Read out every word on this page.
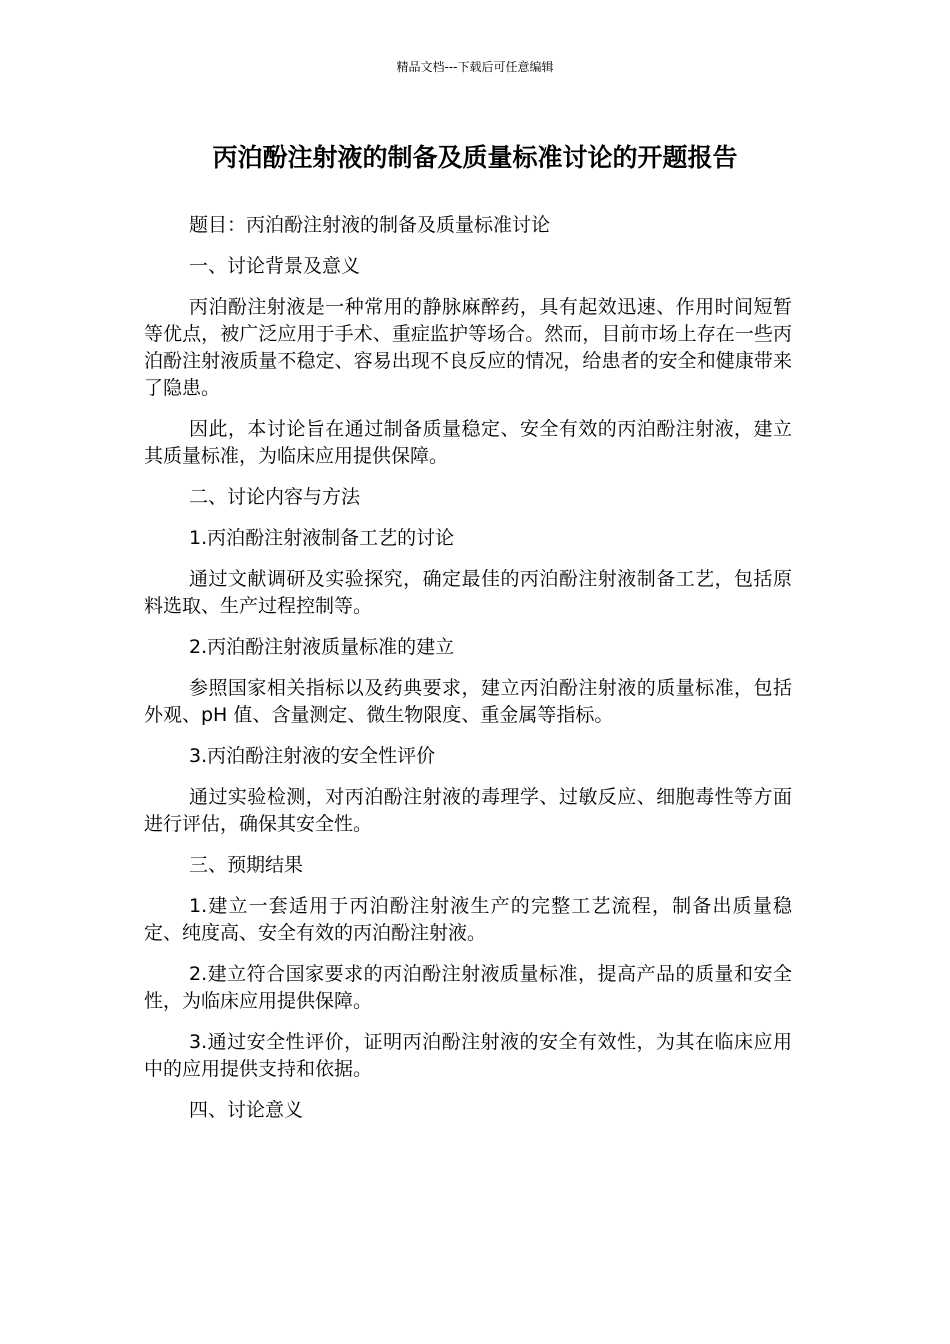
精品文档---下载后可任意编辑
丙泊酚注射液的制备及质量标准讨论的开题报告

题目：丙泊酚注射液的制备及质量标准讨论

一、讨论背景及意义

丙泊酚注射液是一种常用的静脉麻醉药，具有起效迅速、作用时间短暂等优点，被广泛应用于手术、重症监护等场合。然而，目前市场上存在一些丙泊酚注射液质量不稳定、容易出现不良反应的情况，给患者的安全和健康带来了隐患。

因此，本讨论旨在通过制备质量稳定、安全有效的丙泊酚注射液，建立其质量标准，为临床应用提供保障。

二、讨论内容与方法

1.丙泊酚注射液制备工艺的讨论

通过文献调研及实验探究，确定最佳的丙泊酚注射液制备工艺，包括原料选取、生产过程控制等。

2.丙泊酚注射液质量标准的建立

参照国家相关指标以及药典要求，建立丙泊酚注射液的质量标准，包括外观、pH 值、含量测定、微生物限度、重金属等指标。

3.丙泊酚注射液的安全性评价

通过实验检测，对丙泊酚注射液的毒理学、过敏反应、细胞毒性等方面进行评估，确保其安全性。

三、预期结果

1.建立一套适用于丙泊酚注射液生产的完整工艺流程，制备出质量稳定、纯度高、安全有效的丙泊酚注射液。

2.建立符合国家要求的丙泊酚注射液质量标准，提高产品的质量和安全性，为临床应用提供保障。

3.通过安全性评价，证明丙泊酚注射液的安全有效性，为其在临床应用中的应用提供支持和依据。

四、讨论意义
